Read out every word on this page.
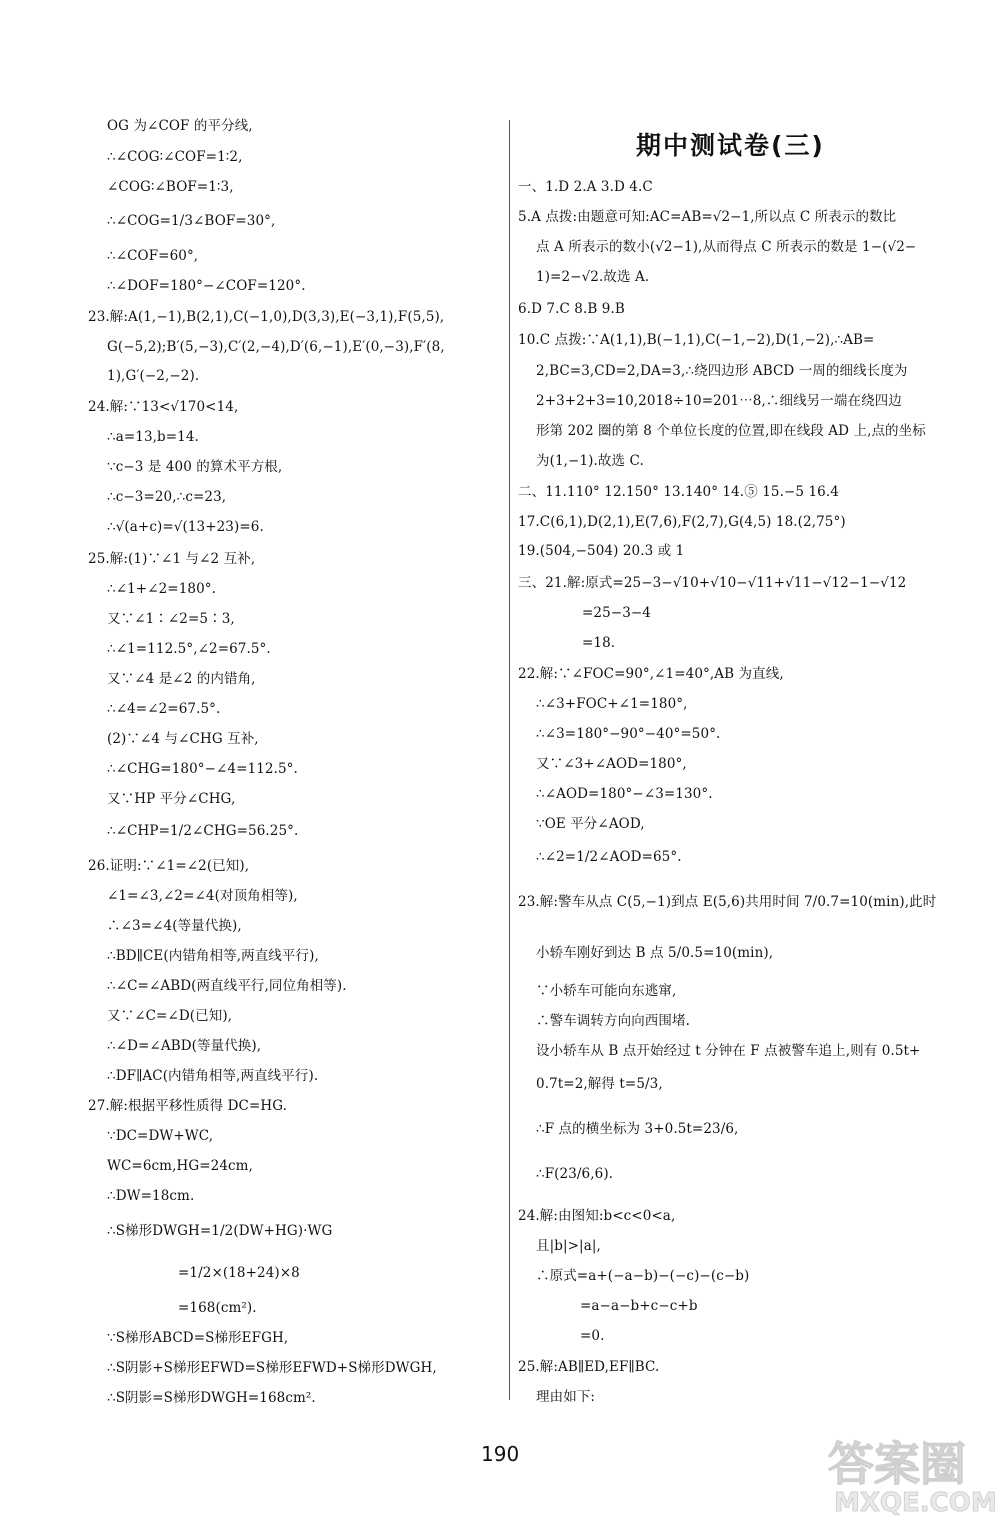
OG 为∠COF 的平分线,
∴∠COG∶∠COF=1∶2,
∠COG∶∠BOF=1∶3,
∴∠COG=1/3∠BOF=30°,
∴∠COF=60°,
∴∠DOF=180°−∠COF=120°.
23.解:A(1,−1),B(2,1),C(−1,0),D(3,3),E(−3,1),F(5,5),
G(−5,2);B′(5,−3),C′(2,−4),D′(6,−1),E′(0,−3),F′(8,
1),G′(−2,−2).
24.解:∵13<√170<14,
∴a=13,b=14.
∵c−3 是 400 的算术平方根,
∴c−3=20,∴c=23,
∴√(a+c)=√(13+23)=6.
25.解:(1)∵∠1 与∠2 互补,
∴∠1+∠2=180°.
又∵∠1∶∠2=5∶3,
∴∠1=112.5°,∠2=67.5°.
又∵∠4 是∠2 的内错角,
∴∠4=∠2=67.5°.
(2)∵∠4 与∠CHG 互补,
∴∠CHG=180°−∠4=112.5°.
又∵HP 平分∠CHG,
∴∠CHP=1/2∠CHG=56.25°.
26.证明:∵∠1=∠2(已知),
∠1=∠3,∠2=∠4(对顶角相等),
∴∠3=∠4(等量代换),
∴BD∥CE(内错角相等,两直线平行),
∴∠C=∠ABD(两直线平行,同位角相等).
又∵∠C=∠D(已知),
∴∠D=∠ABD(等量代换),
∴DF∥AC(内错角相等,两直线平行).
27.解:根据平移性质得 DC=HG.
∵DC=DW+WC,
WC=6cm,HG=24cm,
∴DW=18cm.
∴S梯形DWGH=1/2(DW+HG)·WG
=1/2×(18+24)×8
=168(cm²).
∵S梯形ABCD=S梯形EFGH,
∴S阴影+S梯形EFWD=S梯形EFWD+S梯形DWGH,
∴S阴影=S梯形DWGH=168cm².
期中测试卷(三)
一、1.D 2.A 3.D 4.C
5.A 点拨:由题意可知:AC=AB=√2−1,所以点 C 所表示的数比
点 A 所表示的数小(√2−1),从而得点 C 所表示的数是 1−(√2−
1)=2−√2.故选 A.
6.D 7.C 8.B 9.B
10.C 点拨:∵A(1,1),B(−1,1),C(−1,−2),D(1,−2),∴AB=
2,BC=3,CD=2,DA=3,∴绕四边形 ABCD 一周的细线长度为
2+3+2+3=10,2018÷10=201⋯8,∴细线另一端在绕四边
形第 202 圈的第 8 个单位长度的位置,即在线段 AD 上,点的坐标
为(1,−1).故选 C.
二、11.110° 12.150° 13.140° 14.⑤ 15.−5 16.4
17.C(6,1),D(2,1),E(7,6),F(2,7),G(4,5) 18.(2,75°)
19.(504,−504) 20.3 或 1
三、21.解:原式=25−3−√10+√10−√11+√11−√12−1−√12
=25−3−4
=18.
22.解:∵∠FOC=90°,∠1=40°,AB 为直线,
∴∠3+FOC+∠1=180°,
∴∠3=180°−90°−40°=50°.
又∵∠3+∠AOD=180°,
∴∠AOD=180°−∠3=130°.
∵OE 平分∠AOD,
∴∠2=1/2∠AOD=65°.
23.解:警车从点 C(5,−1)到点 E(5,6)共用时间 7/0.7=10(min),此时
小轿车刚好到达 B 点 5/0.5=10(min),
∵小轿车可能向东逃窜,
∴警车调转方向向西围堵.
设小轿车从 B 点开始经过 t 分钟在 F 点被警车追上,则有 0.5t+
0.7t=2,解得 t=5/3,
∴F 点的横坐标为 3+0.5t=23/6,
∴F(23/6,6).
24.解:由图知:b<c<0<a,
且|b|>|a|,
∴原式=a+(−a−b)−(−c)−(c−b)
=a−a−b+c−c+b
=0.
25.解:AB∥ED,EF∥BC.
理由如下:
190	答案圈
MXQE.COM
